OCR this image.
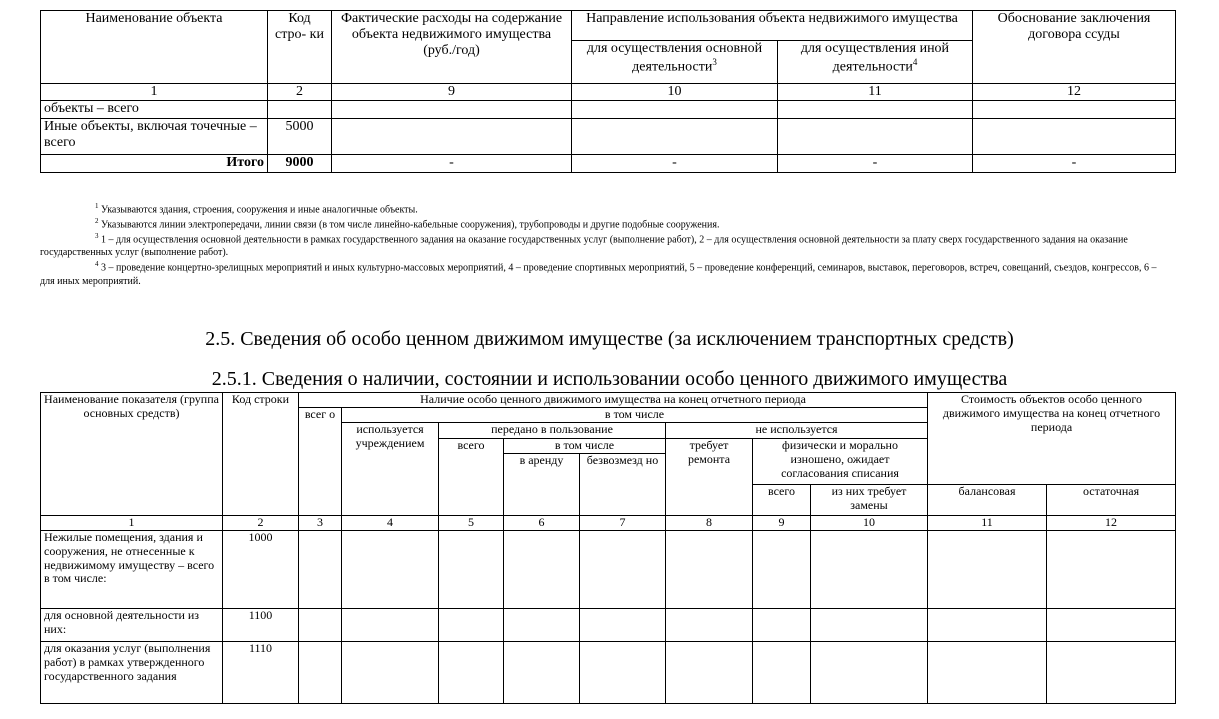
Наименование объекта	Код стро- ки	Фактические расходы на содержание объекта недвижимого имущества (руб./год)	Направление использования объекта недвижимого имущества		Обоснование заключения договора ссуды
			для осуществления основной деятельности$^3$	для осуществления иной деятельности$^4$
1	2	9	10	11	12
объекты – всего					
Иные объекты, включая точечные – всего	5000				
Итого	9000	-	-	-	-

$^1$ Указываются здания, строения, сооружения и иные аналогичные объекты.

$^2$ Указываются линии электропередачи, линии связи (в том числе линейно-кабельные сооружения), трубопроводы и другие подобные сооружения.

$^3$ 1 – для осуществления основной деятельности в рамках государственного задания на оказание государственных услуг (выполнение работ), 2 – для осуществления основной деятельности за плату сверх государственного задания на оказание государственных услуг (выполнение работ).

$^4$ 3 – проведение концертно-зрелищных мероприятий и иных культурно-массовых мероприятий, 4 – проведение спортивных мероприятий, 5 – проведение конференций, семинаров, выставок, переговоров, встреч, совещаний, съездов, конгрессов, 6 – для иных мероприятий.

2.5. Сведения об особо ценном движимом имуществе (за исключением транспортных средств)
2.5.1. Сведения о наличии, состоянии и использовании особо ценного движимого имущества
Наименование показателя (группа основных средств)	Код строки	Наличие особо ценного движимого имущества на конец отчетного периода								Стоимость объектов особо ценного движимого имущества на конец отчетного периода	
		всег о	в том числе								
			используется учреждением	передано в пользование			не используется				
				всего	в том числе		требует ремонта	физически и морально изношено, ожидает согласования списания			
					в аренду	безвозмезд но					
								всего	из них требует замены	балансовая	остаточная
1	2	3	4	5	6	7	8	9	10	11	12
Нежилые помещения, здания и сооружения, не отнесенные к недвижимому имуществу – всего в том числе:	1000										
для основной деятельности из них:	1100										
для оказания услуг (выполнения работ) в рамках утвержденного государственного задания	1110										
